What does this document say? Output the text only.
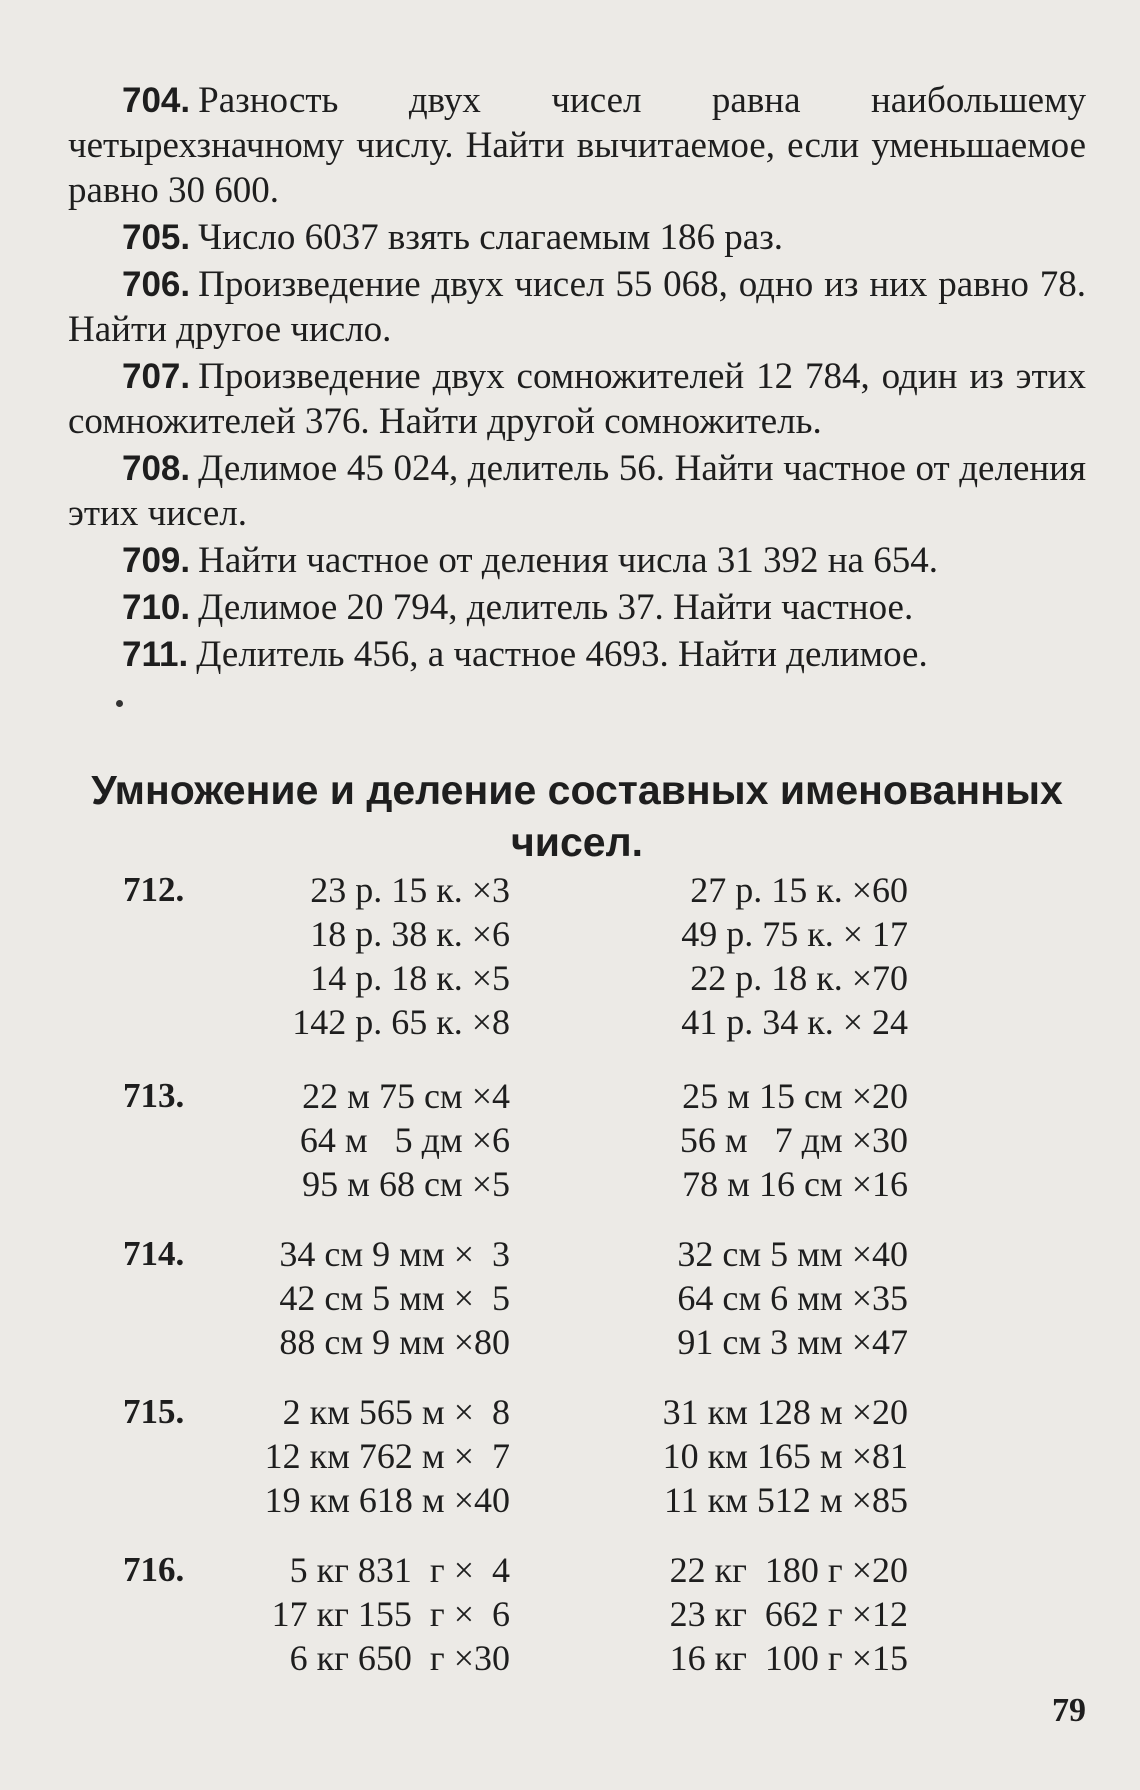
704. Разность двух чисел равна наибольшему четырехзначному числу. Найти вычитаемое, если уменьшаемое равно 30 600.

705. Число 6037 взять слагаемым 186 раз.

706. Произведение двух чисел 55 068, одно из них равно 78. Найти другое число.

707. Произведение двух сомножителей 12 784, один из этих сомножителей 376. Найти другой сомножитель.

708. Делимое 45 024, делитель 56. Найти частное от деления этих чисел.

709. Найти частное от деления числа 31 392 на 654.

710. Делимое 20 794, делитель 37. Найти частное.

711. Делитель 456, а частное 4693. Найти делимое.

Умножение и деление составных именованных чисел.
712.	23 р. 15 к. ×3	27 р. 15 к. ×60
18 р. 38 к. ×6	49 р. 75 к. × 17
14 р. 18 к. ×5	22 р. 18 к. ×70
142 р. 65 к. ×8	41 р. 34 к. × 24
713.	22 м 75 см ×4	25 м 15 см ×20
64 м   5 дм ×6	56 м   7 дм ×30
95 м 68 см ×5	78 м 16 см ×16
714.	34 см 9 мм ×  3	32 см 5 мм ×40
42 см 5 мм ×  5	64 см 6 мм ×35
88 см 9 мм ×80	91 см 3 мм ×47
715.	2 км 565 м ×  8	31 км 128 м ×20
12 км 762 м ×  7	10 км 165 м ×81
19 км 618 м ×40	11 км 512 м ×85
716.	5 кг 831  г ×  4	22 кг  180 г ×20
17 кг 155  г ×  6	23 кг  662 г ×12
6 кг 650  г ×30	16 кг  100 г ×15
79
